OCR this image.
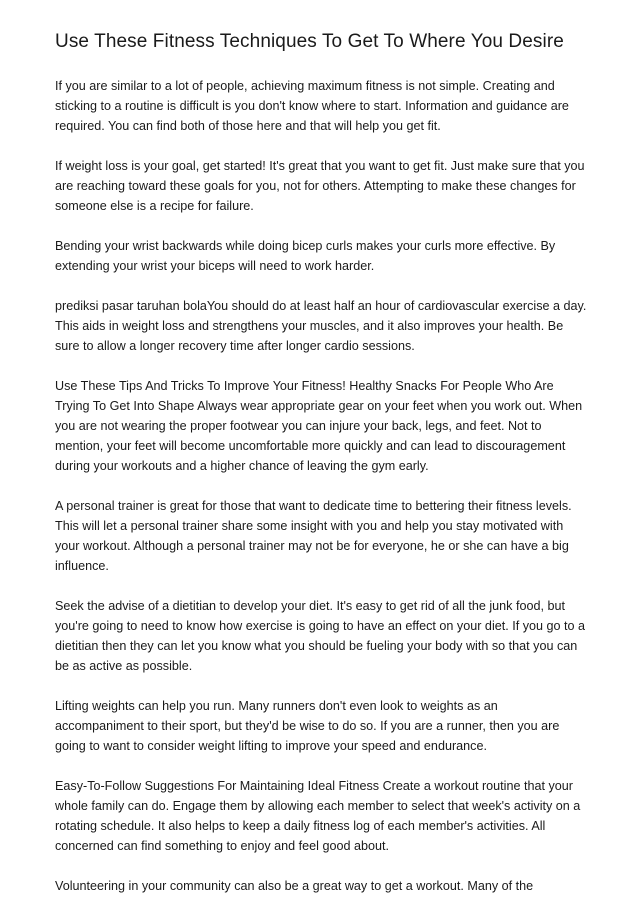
Use These Fitness Techniques To Get To Where You Desire

If you are similar to a lot of people, achieving maximum fitness is not simple. Creating and sticking to a routine is difficult is you don't know where to start. Information and guidance are required. You can find both of those here and that will help you get fit.

If weight loss is your goal, get started! It's great that you want to get fit. Just make sure that you are reaching toward these goals for you, not for others. Attempting to make these changes for someone else is a recipe for failure.

Bending your wrist backwards while doing bicep curls makes your curls more effective. By extending your wrist your biceps will need to work harder.

prediksi pasar taruhan bolaYou should do at least half an hour of cardiovascular exercise a day. This aids in weight loss and strengthens your muscles, and it also improves your health. Be sure to allow a longer recovery time after longer cardio sessions.

Use These Tips And Tricks To Improve Your Fitness! Healthy Snacks For People Who Are Trying To Get Into Shape Always wear appropriate gear on your feet when you work out. When you are not wearing the proper footwear you can injure your back, legs, and feet. Not to mention, your feet will become uncomfortable more quickly and can lead to discouragement during your workouts and a higher chance of leaving the gym early.

A personal trainer is great for those that want to dedicate time to bettering their fitness levels. This will let a personal trainer share some insight with you and help you stay motivated with your workout. Although a personal trainer may not be for everyone, he or she can have a big influence.

Seek the advise of a dietitian to develop your diet. It's easy to get rid of all the junk food, but you're going to need to know how exercise is going to have an effect on your diet. If you go to a dietitian then they can let you know what you should be fueling your body with so that you can be as active as possible.

Lifting weights can help you run. Many runners don't even look to weights as an accompaniment to their sport, but they'd be wise to do so. If you are a runner, then you are going to want to consider weight lifting to improve your speed and endurance.

Easy-To-Follow Suggestions For Maintaining Ideal Fitness Create a workout routine that your whole family can do. Engage them by allowing each member to select that week's activity on a rotating schedule. It also helps to keep a daily fitness log of each member's activities. All concerned can find something to enjoy and feel good about.

Volunteering in your community can also be a great way to get a workout. Many of the
